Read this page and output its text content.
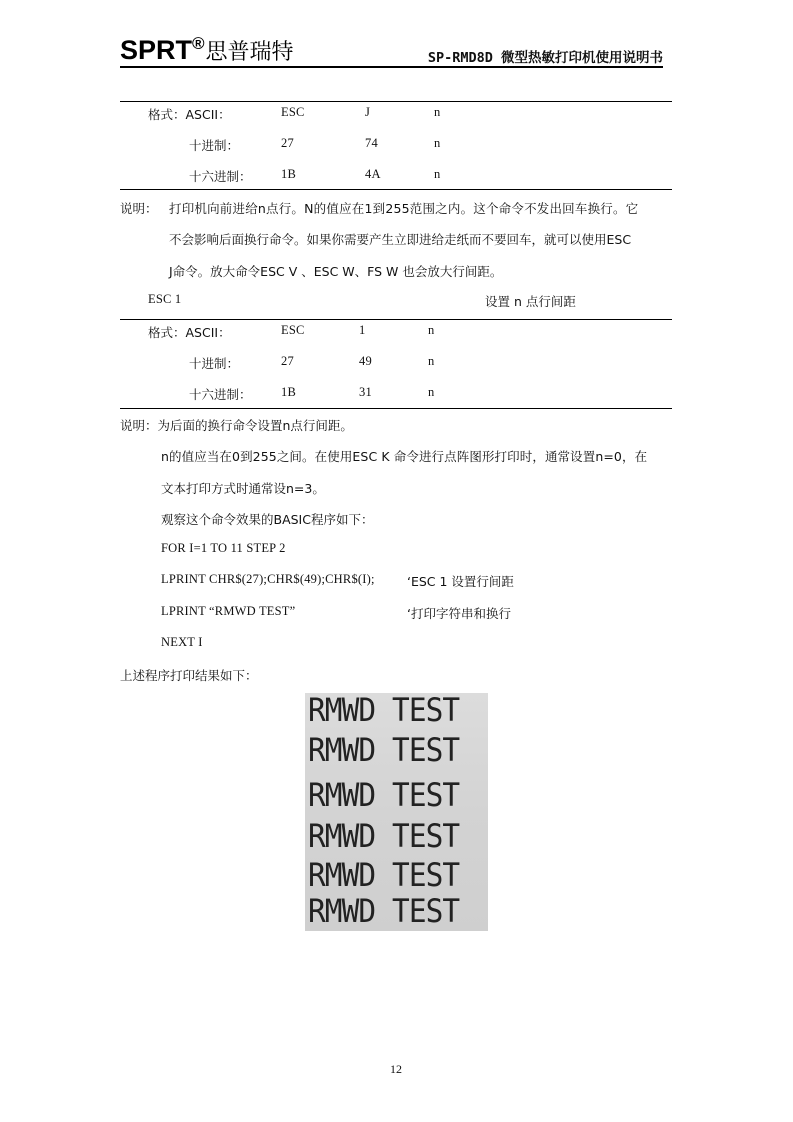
SPRT®思普瑞特	SP-RMD8D 微型热敏打印机使用说明书
格式：ASCII：	ESC	J	n
十进制：	27	74	n
十六进制： 1B	4A	n
说明： 打印机向前进给n点行。N的值应在1到255范围之内。这个命令不发出回车换行。它
不会影响后面换行命令。如果你需要产生立即进给走纸而不要回车，就可以使用ESC
J命令。放大命令ESC V 、ESC W、FS W 也会放大行间距。
ESC 1	设置 n 点行间距
格式：ASCII：	ESC	1	n
十进制：	27	49	n
十六进制： 1B	31	n
说明：为后面的换行命令设置n点行间距。
n的值应当在0到255之间。在使用ESC K 命令进行点阵图形打印时，通常设置n=0，在
文本打印方式时通常设n=3。
观察这个命令效果的BASIC程序如下：
FOR I=1 TO 11 STEP 2
LPRINT CHR$(27);CHR$(49);CHR$(I);	‘ESC 1 设置行间距
LPRINT “RMWD TEST”	‘打印字符串和换行
NEXT I
上述程序打印结果如下：
RMWD TEST
RMWD TEST
RMWD TEST
RMWD TEST
RMWD TEST
RMWD TEST
12
